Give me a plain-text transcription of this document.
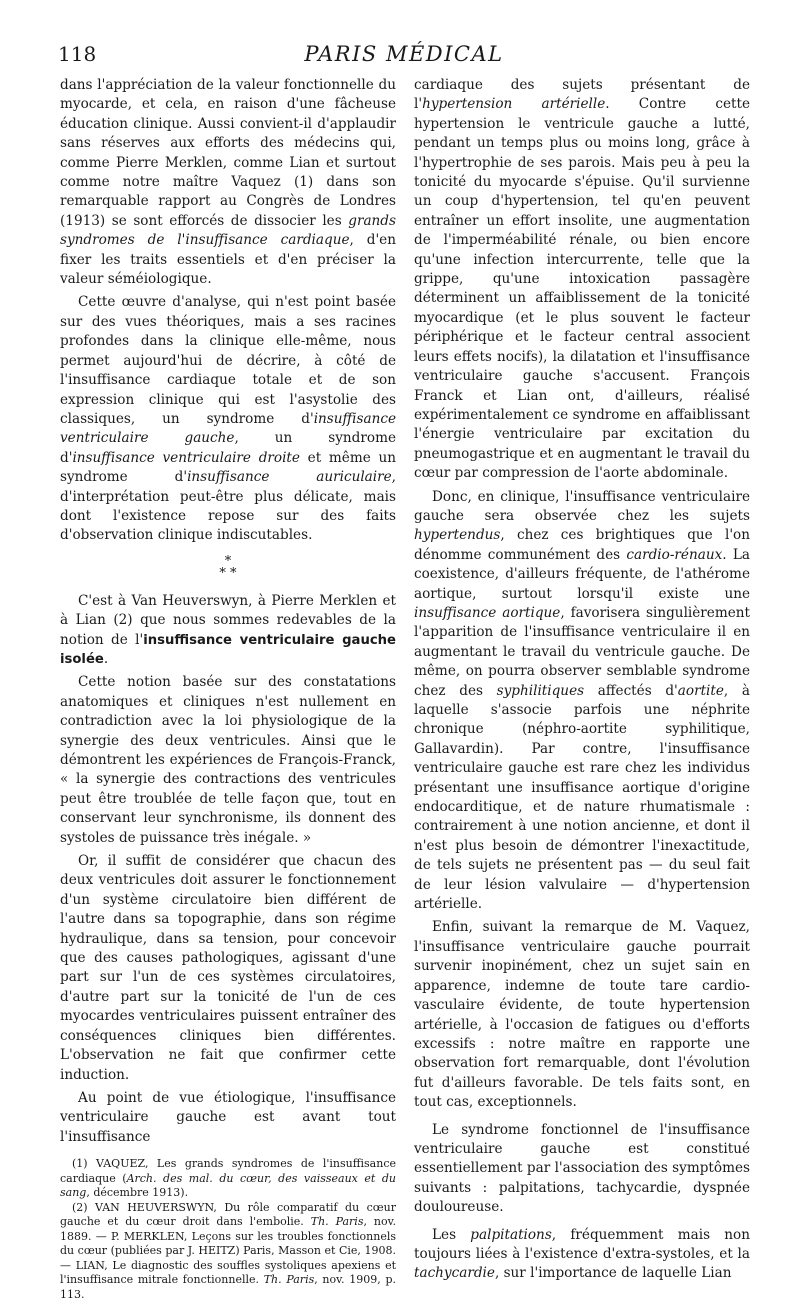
118	PARIS MÉDICAL

dans l'appréciation de la valeur fonctionnelle du myocarde, et cela, en raison d'une fâcheuse éducation clinique. Aussi convient-il d'applaudir sans réserves aux efforts des médecins qui, comme Pierre Merklen, comme Lian et surtout comme notre maître Vaquez (1) dans son remarquable rapport au Congrès de Londres (1913) se sont efforcés de dissocier les grands syndromes de l'insuffisance cardiaque, d'en fixer les traits essentiels et d'en préciser la valeur séméiologique.

Cette œuvre d'analyse, qui n'est point basée sur des vues théoriques, mais a ses racines profondes dans la clinique elle-même, nous permet aujourd'hui de décrire, à côté de l'insuffisance cardiaque totale et de son expression clinique qui est l'asystolie des classiques, un syndrome d'insuffisance ventriculaire gauche, un syndrome d'insuffisance ventriculaire droite et même un syndrome d'insuffisance auriculaire, d'interprétation peut-être plus délicate, mais dont l'existence repose sur des faits d'observation clinique indiscutables.

*
* *

C'est à Van Heuverswyn, à Pierre Merklen et à Lian (2) que nous sommes redevables de la notion de l'insuffisance ventriculaire gauche isolée.

Cette notion basée sur des constatations anatomiques et cliniques n'est nullement en contradiction avec la loi physiologique de la synergie des deux ventricules. Ainsi que le démontrent les expériences de François-Franck, « la synergie des contractions des ventricules peut être troublée de telle façon que, tout en conservant leur synchronisme, ils donnent des systoles de puissance très inégale. »

Or, il suffit de considérer que chacun des deux ventricules doit assurer le fonctionnement d'un système circulatoire bien différent de l'autre dans sa topographie, dans son régime hydraulique, dans sa tension, pour concevoir que des causes pathologiques, agissant d'une part sur l'un de ces systèmes circulatoires, d'autre part sur la tonicité de l'un de ces myocardes ventriculaires puissent entraîner des conséquences cliniques bien différentes. L'observation ne fait que confirmer cette induction.

Au point de vue étiologique, l'insuffisance ventriculaire gauche est avant tout l'insuffisance

(1) VAQUEZ, Les grands syndromes de l'insuffisance cardiaque (Arch. des mal. du cœur, des vaisseaux et du sang, décembre 1913).

(2) VAN HEUVERSWYN, Du rôle comparatif du cœur gauche et du cœur droit dans l'embolie. Th. Paris, nov. 1889. — P. MERKLEN, Leçons sur les troubles fonctionnels du cœur (publiées par J. HEITZ) Paris, Masson et Cie, 1908. — LIAN, Le diagnostic des souffles systoliques apexiens et l'insuffisance mitrale fonctionnelle. Th. Paris, nov. 1909, p. 113.

cardiaque des sujets présentant de l'hypertension artérielle. Contre cette hypertension le ventricule gauche a lutté, pendant un temps plus ou moins long, grâce à l'hypertrophie de ses parois. Mais peu à peu la tonicité du myocarde s'épuise. Qu'il survienne un coup d'hypertension, tel qu'en peuvent entraîner un effort insolite, une augmentation de l'imperméabilité rénale, ou bien encore qu'une infection intercurrente, telle que la grippe, qu'une intoxication passagère déterminent un affaiblissement de la tonicité myocardique (et le plus souvent le facteur périphérique et le facteur central associent leurs effets nocifs), la dilatation et l'insuffisance ventriculaire gauche s'accusent. François Franck et Lian ont, d'ailleurs, réalisé expérimentalement ce syndrome en affaiblissant l'énergie ventriculaire par excitation du pneumogastrique et en augmentant le travail du cœur par compression de l'aorte abdominale.

Donc, en clinique, l'insuffisance ventriculaire gauche sera observée chez les sujets hypertendus, chez ces brightiques que l'on dénomme communément des cardio-rénaux. La coexistence, d'ailleurs fréquente, de l'athérome aortique, surtout lorsqu'il existe une insuffisance aortique, favorisera singulièrement l'apparition de l'insuffisance ventriculaire il en augmentant le travail du ventricule gauche. De même, on pourra observer semblable syndrome chez des syphilitiques affectés d'aortite, à laquelle s'associe parfois une néphrite chronique (néphro-aortite syphilitique, Gallavardin). Par contre, l'insuffisance ventriculaire gauche est rare chez les individus présentant une insuffisance aortique d'origine endocarditique, et de nature rhumatismale : contrairement à une notion ancienne, et dont il n'est plus besoin de démontrer l'inexactitude, de tels sujets ne présentent pas — du seul fait de leur lésion valvulaire — d'hypertension artérielle.

Enfin, suivant la remarque de M. Vaquez, l'insuffisance ventriculaire gauche pourrait survenir inopinément, chez un sujet sain en apparence, indemne de toute tare cardio-vasculaire évidente, de toute hypertension artérielle, à l'occasion de fatigues ou d'efforts excessifs : notre maître en rapporte une observation fort remarquable, dont l'évolution fut d'ailleurs favorable. De tels faits sont, en tout cas, exceptionnels.

Le syndrome fonctionnel de l'insuffisance ventriculaire gauche est constitué essentiellement par l'association des symptômes suivants : palpitations, tachycardie, dyspnée douloureuse.

Les palpitations, fréquemment mais non toujours liées à l'existence d'extra-systoles, et la tachycardie, sur l'importance de laquelle Lian
